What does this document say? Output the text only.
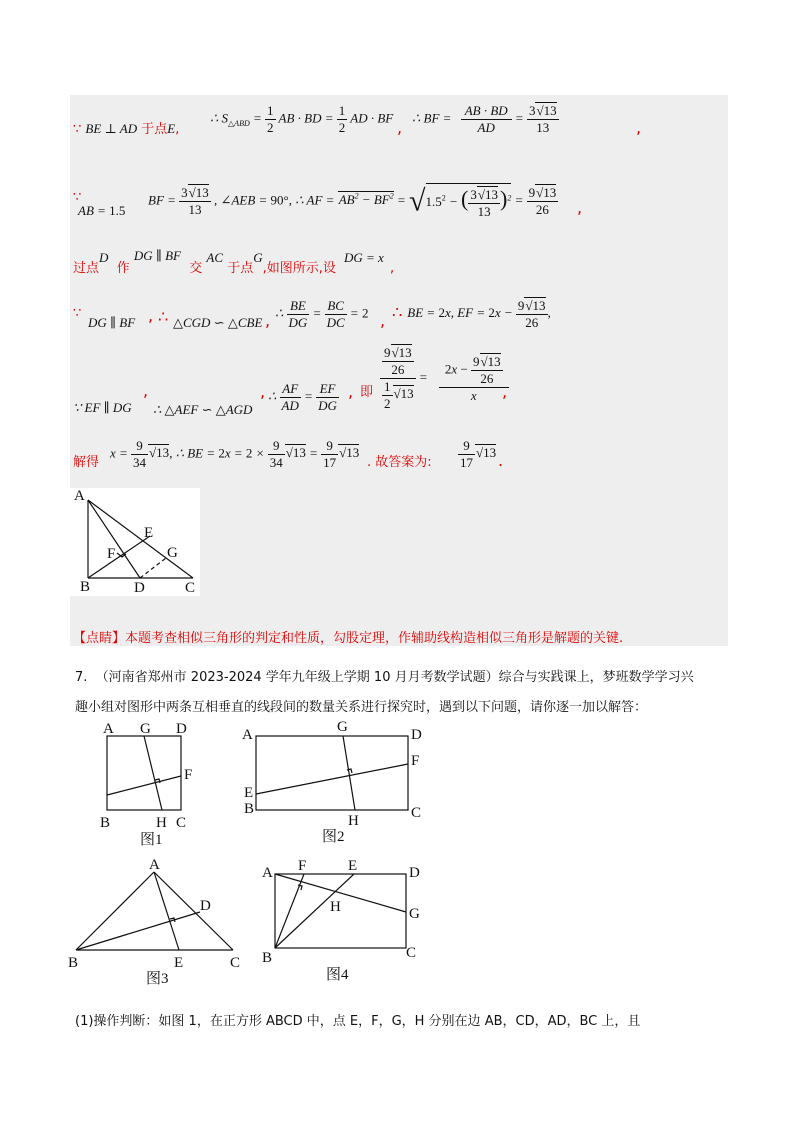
∵ BE ⊥ AD 于点E,
∴ $S_{\triangle ABD} = \frac{1}{2}$ AB · BD = $\frac{1}{2}$ AD · BF
,
∴ BF = $\frac{AB \cdot BD}{AD} = \frac{3√13}{13}$	,
∵
AB = 1.5
BF = $\frac{3√13}{13}$ , ∠AEB = 90°, ∴ AF = $AB^2 - BF^2 = √1.5^2$ − ( $\frac{3√13}{13} )^2 = \frac{9√13}{26}$ ,
过点D  作 DG ∥ BF  交 AC 于点G,如图所示,设 DG = x ,
∵
DG ∥ BF , ∴ △CGD ∽ △CBE , ∴ $\frac{BE}{DG} = \frac{BC}{DC} = 2$ , ∴ BE = 2x, EF = $2x - \frac{9√13}{26}$ ,
∵ EF ∥ DG
,
∴ △AEF ∽ △AGD
, ∴ $\frac{AF}{AD} = \frac{EF}{DG}$ , 即 $\frac{\frac{9√13}{26}}{\frac{1}{2} √13} = \frac{2x - \frac{9√13}{26}}{x}$
,
解得
$x = \frac{9}{34} √13$, ∴ BE = $2x = 2 \times \frac{9}{34} √13 = \frac{9}{17} √13$
. 故答案为: $\frac{9}{17} √13$ .
A
B	C
D
E
F	G
【点睛】本题考查相似三角形的判定和性质，勾股定理，作辅助线构造相似三角形是解题的关键.
7. （河南省郑州市 2023-2024 学年九年级上学期 10 月月考数学试题）综合与实践课上，梦班数学学习兴
趣小组对图形中两条互相垂直的线段间的数量关系进行探究时，遇到以下问题，请你逐一加以解答：
A G D
F
B	H C
图1
A	G	D
F
E
B
H	C
图2
A
B	E	C
D
图3
A F	E	D
H	G
B	C
图4
(1)操作判断：如图 1，在正方形 ABCD 中，点 E，F，G，H 分别在边 AB，CD，AD，BC 上，且
